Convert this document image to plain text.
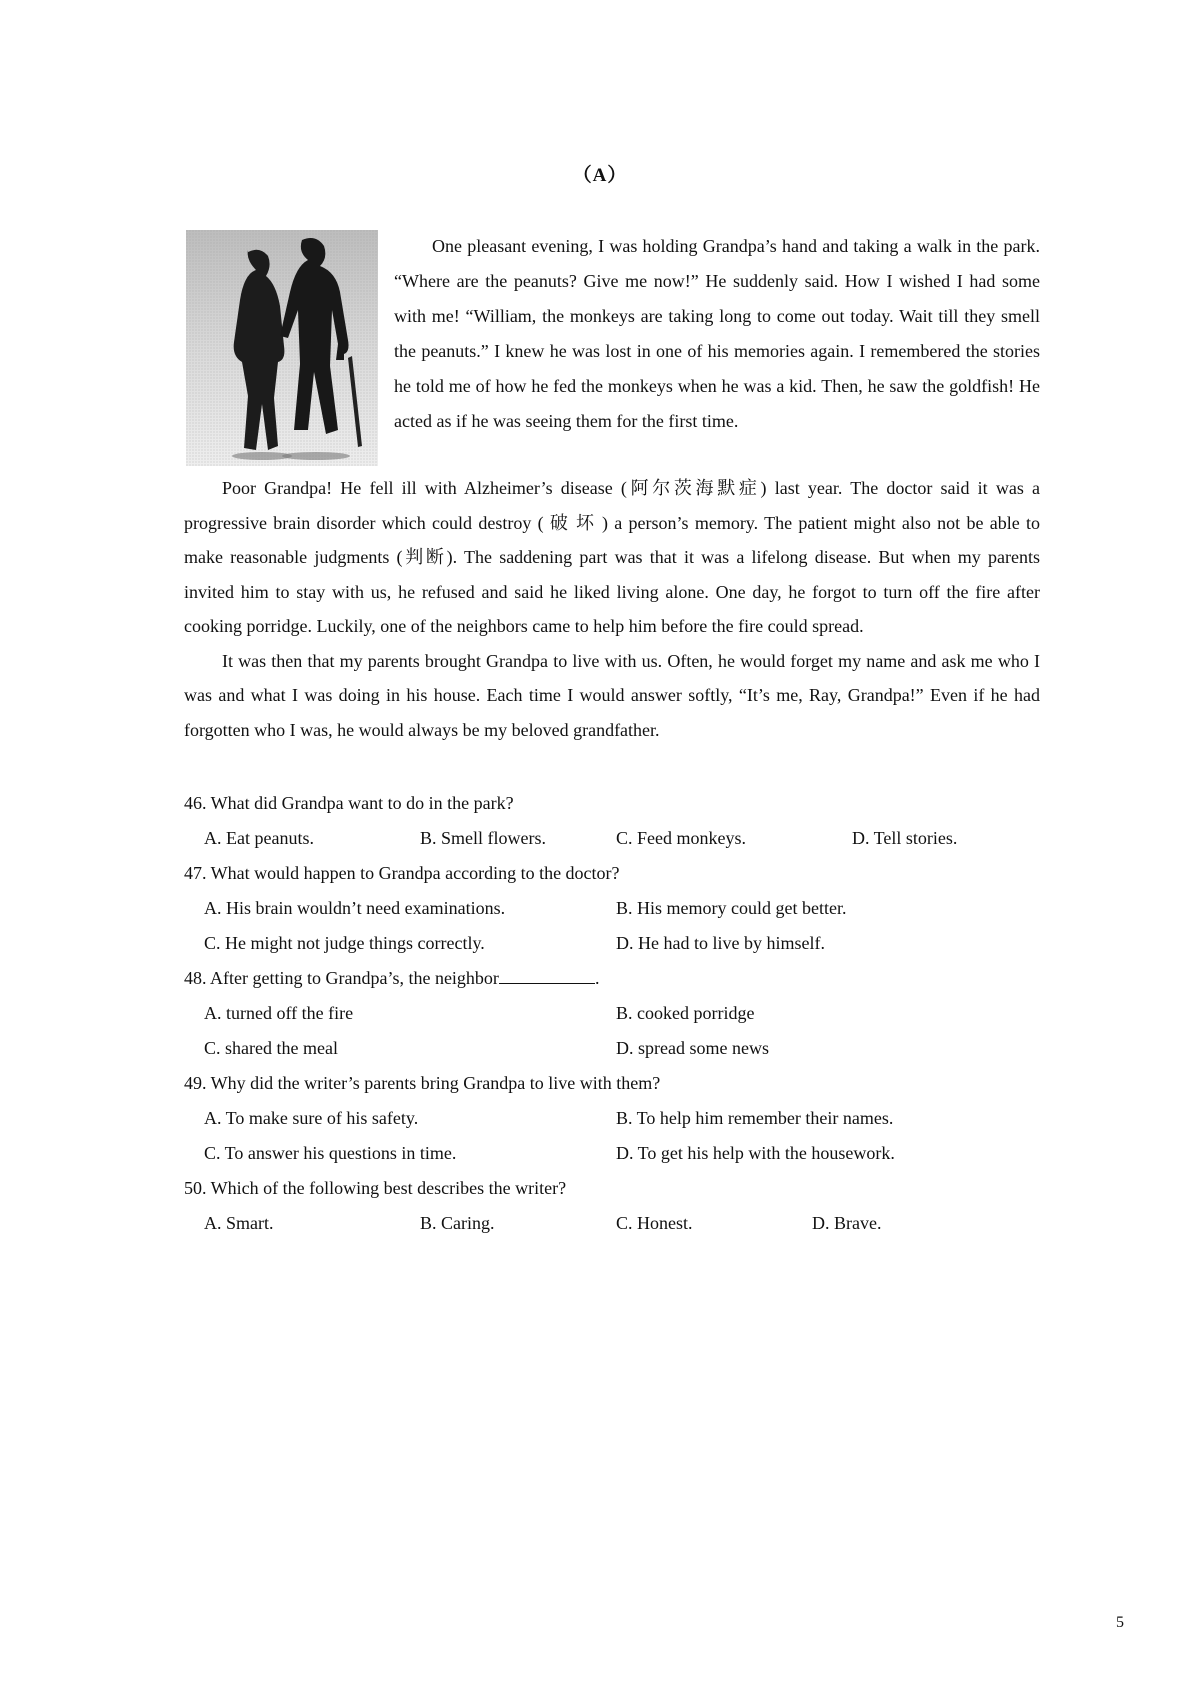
（A）

One pleasant evening, I was holding Grandpa’s hand and taking a walk in the park. “Where are the peanuts? Give me now!” He suddenly said. How I wished I had some with me! “William, the monkeys are taking long to come out today. Wait till they smell the peanuts.” I knew he was lost in one of his memories again. I remembered the stories he told me of how he fed the monkeys when he was a kid. Then, he saw the goldfish! He acted as if he was seeing them for the first time.

Poor Grandpa! He fell ill with Alzheimer’s disease (阿尔茨海默症) last year. The doctor said it was a progressive brain disorder which could destroy ( 破 坏 ) a person’s memory. The patient might also not be able to make reasonable judgments (判断). The saddening part was that it was a lifelong disease. But when my parents invited him to stay with us, he refused and said he liked living alone. One day, he forgot to turn off the fire after cooking porridge. Luckily, one of the neighbors came to help him before the fire could spread.

It was then that my parents brought Grandpa to live with us. Often, he would forget my name and ask me who I was and what I was doing in his house. Each time I would answer softly, “It’s me, Ray, Grandpa!” Even if he had forgotten who I was, he would always be my beloved grandfather.

46. What did Grandpa want to do in the park?
A. Eat peanuts.	B. Smell flowers.	C. Feed monkeys.	D. Tell stories.
47. What would happen to Grandpa according to the doctor?
A. His brain wouldn’t need examinations.	B. His memory could get better.
C. He might not judge things correctly.	D. He had to live by himself.
48. After getting to Grandpa’s, the neighbor	.
A. turned off the fire	B. cooked porridge
C. shared the meal	D. spread some news
49. Why did the writer’s parents bring Grandpa to live with them?
A. To make sure of his safety.	B. To help him remember their names.
C. To answer his questions in time.	D. To get his help with the housework.
50. Which of the following best describes the writer?
A. Smart.	B. Caring.	C. Honest.	D. Brave.
5
